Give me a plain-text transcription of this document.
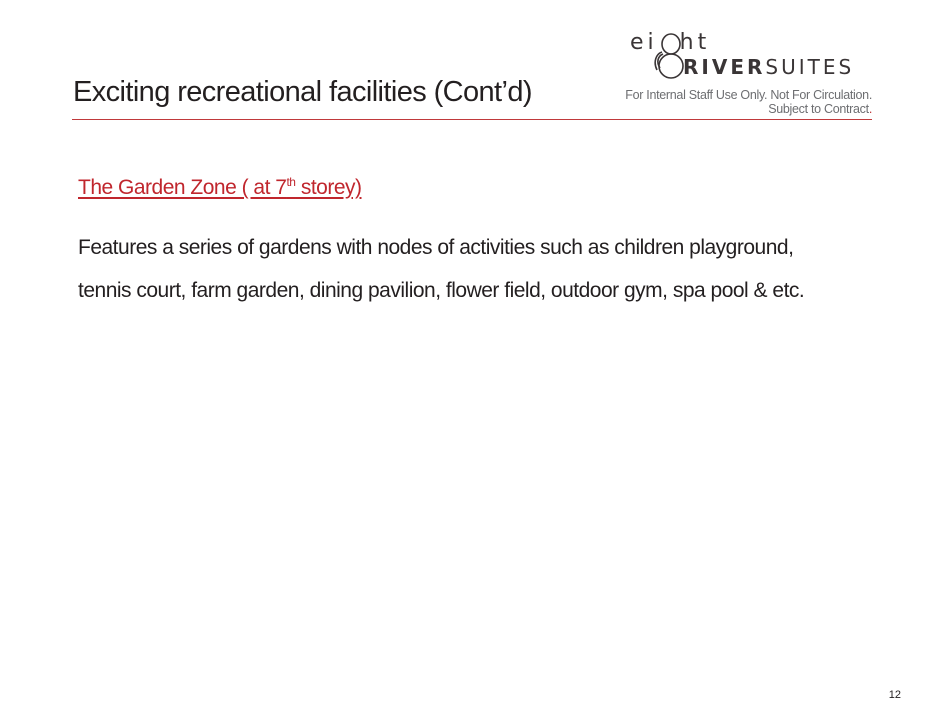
Exciting recreational facilities (Cont’d)
ei ht
RIVERSUITES
For Internal Staff Use Only. Not For Circulation.
Subject to Contract.
The Garden Zone ( at 7th storey)
Features a series of gardens with nodes of activities such as children playground, tennis court, farm garden, dining pavilion, flower field, outdoor gym, spa pool & etc.
12
